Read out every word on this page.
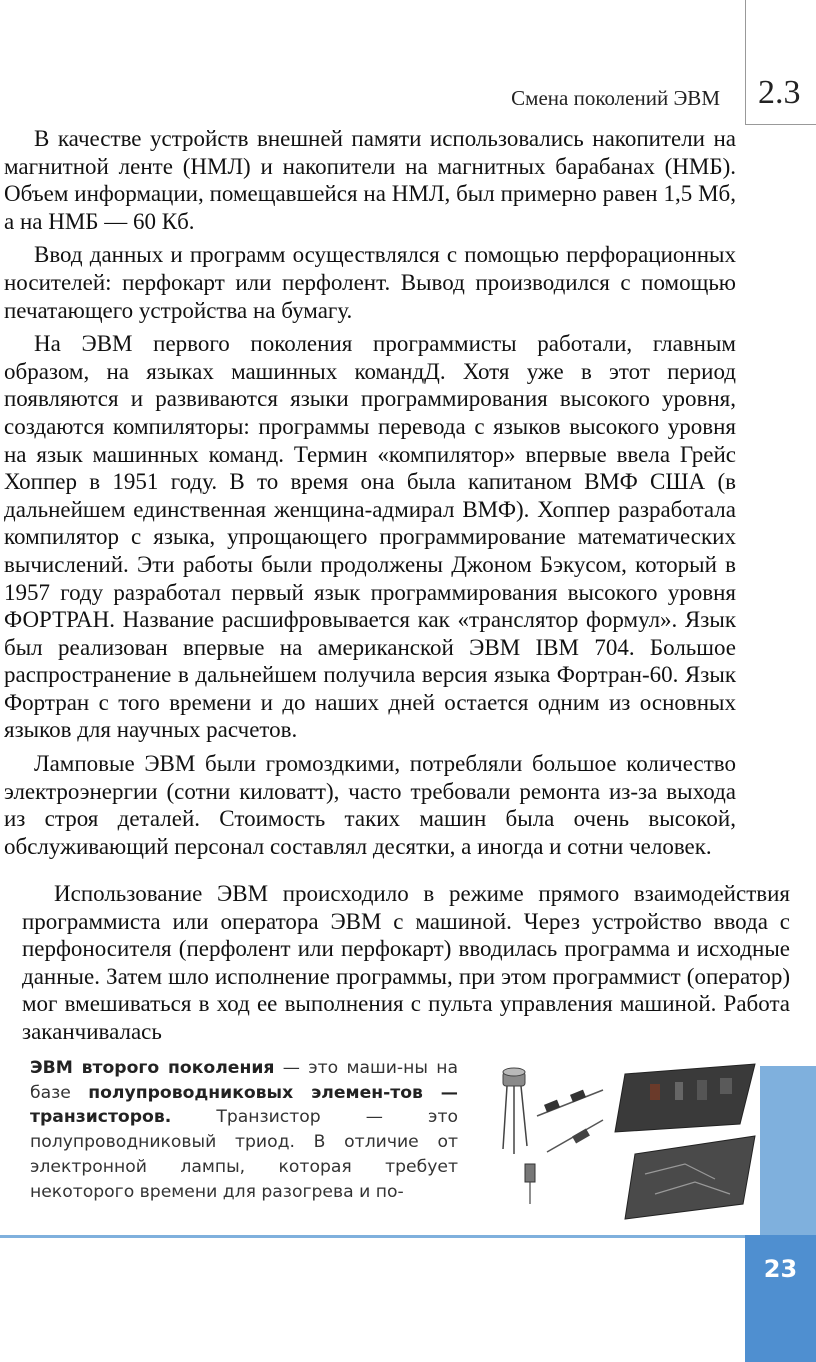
Смена поколений ЭВМ 2.3

В качестве устройств внешней памяти использовались накопители на магнитной ленте (НМЛ) и накопители на магнитных барабанах (НМБ). Объем информации, помещавшейся на НМЛ, был примерно равен 1,5 Мб, а на НМБ — 60 Кб.

Ввод данных и программ осуществлялся с помощью перфорационных носителей: перфокарт или перфолент. Вывод производился с помощью печатающего устройства на бумагу.

На ЭВМ первого поколения программисты работали, главным образом, на языках машинных командД. Хотя уже в этот период появляются и развиваются языки программирования высокого уровня, создаются компиляторы: программы перевода с языков высокого уровня на язык машинных команд. Термин «компилятор» впервые ввела Грейс Хоппер в 1951 году. В то время она была капитаном ВМФ США (в дальнейшем единственная женщина-адмирал ВМФ). Хоппер разработала компилятор с языка, упрощающего программирование математических вычислений. Эти работы были продолжены Джоном Бэкусом, который в 1957 году разработал первый язык программирования высокого уровня ФОРТРАН. Название расшифровывается как «транслятор формул». Язык был реализован впервые на американской ЭВМ IBM 704. Большое распространение в дальнейшем получила версия языка Фортран-60. Язык Фортран с того времени и до наших дней остается одним из основных языков для научных расчетов.

Ламповые ЭВМ были громоздкими, потребляли большое количество электроэнергии (сотни киловатт), часто требовали ремонта из-за выхода из строя деталей. Стоимость таких машин была очень высокой, обслуживающий персонал составлял десятки, а иногда и сотни человек.

Использование ЭВМ происходило в режиме прямого взаимодействия программиста или оператора ЭВМ с машиной. Через устройство ввода с перфоносителя (перфолент или перфокарт) вводилась программа и исходные данные. Затем шло исполнение программы, при этом программист (оператор) мог вмешиваться в ход ее выполнения с пульта управления машиной. Работа заканчивалась

ЭВМ второго поколения — это маши-ны на базе полупроводниковых элемен-тов — транзисторов. Транзистор — это полупроводниковый триод. В отличие от электронной лампы, которая требует некоторого времени для разогрева и по-
23
